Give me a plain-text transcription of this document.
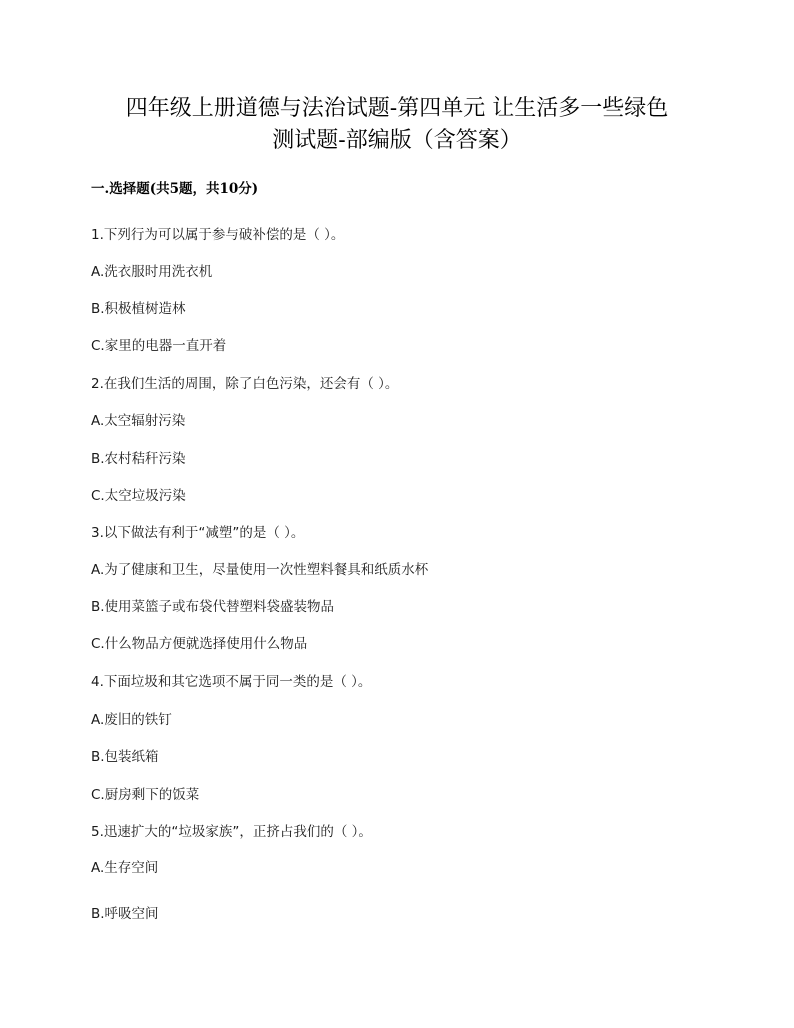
四年级上册道德与法治试题-第四单元 让生活多一些绿色
测试题-部编版（含答案）
一.选择题(共5题，共10分)
1.下列行为可以属于参与破补偿的是（ ）。
A.洗衣服时用洗衣机
B.积极植树造林
C.家里的电器一直开着
2.在我们生活的周围，除了白色污染，还会有（ ）。
A.太空辐射污染
B.农村秸秆污染
C.太空垃圾污染
3.以下做法有利于“减塑”的是（ ）。
A.为了健康和卫生，尽量使用一次性塑料餐具和纸质水杯
B.使用菜篮子或布袋代替塑料袋盛装物品
C.什么物品方便就选择使用什么物品
4.下面垃圾和其它选项不属于同一类的是（ ）。
A.废旧的铁钉
B.包装纸箱
C.厨房剩下的饭菜
5.迅速扩大的“垃圾家族”，正挤占我们的（ ）。
A.生存空间
B.呼吸空间
